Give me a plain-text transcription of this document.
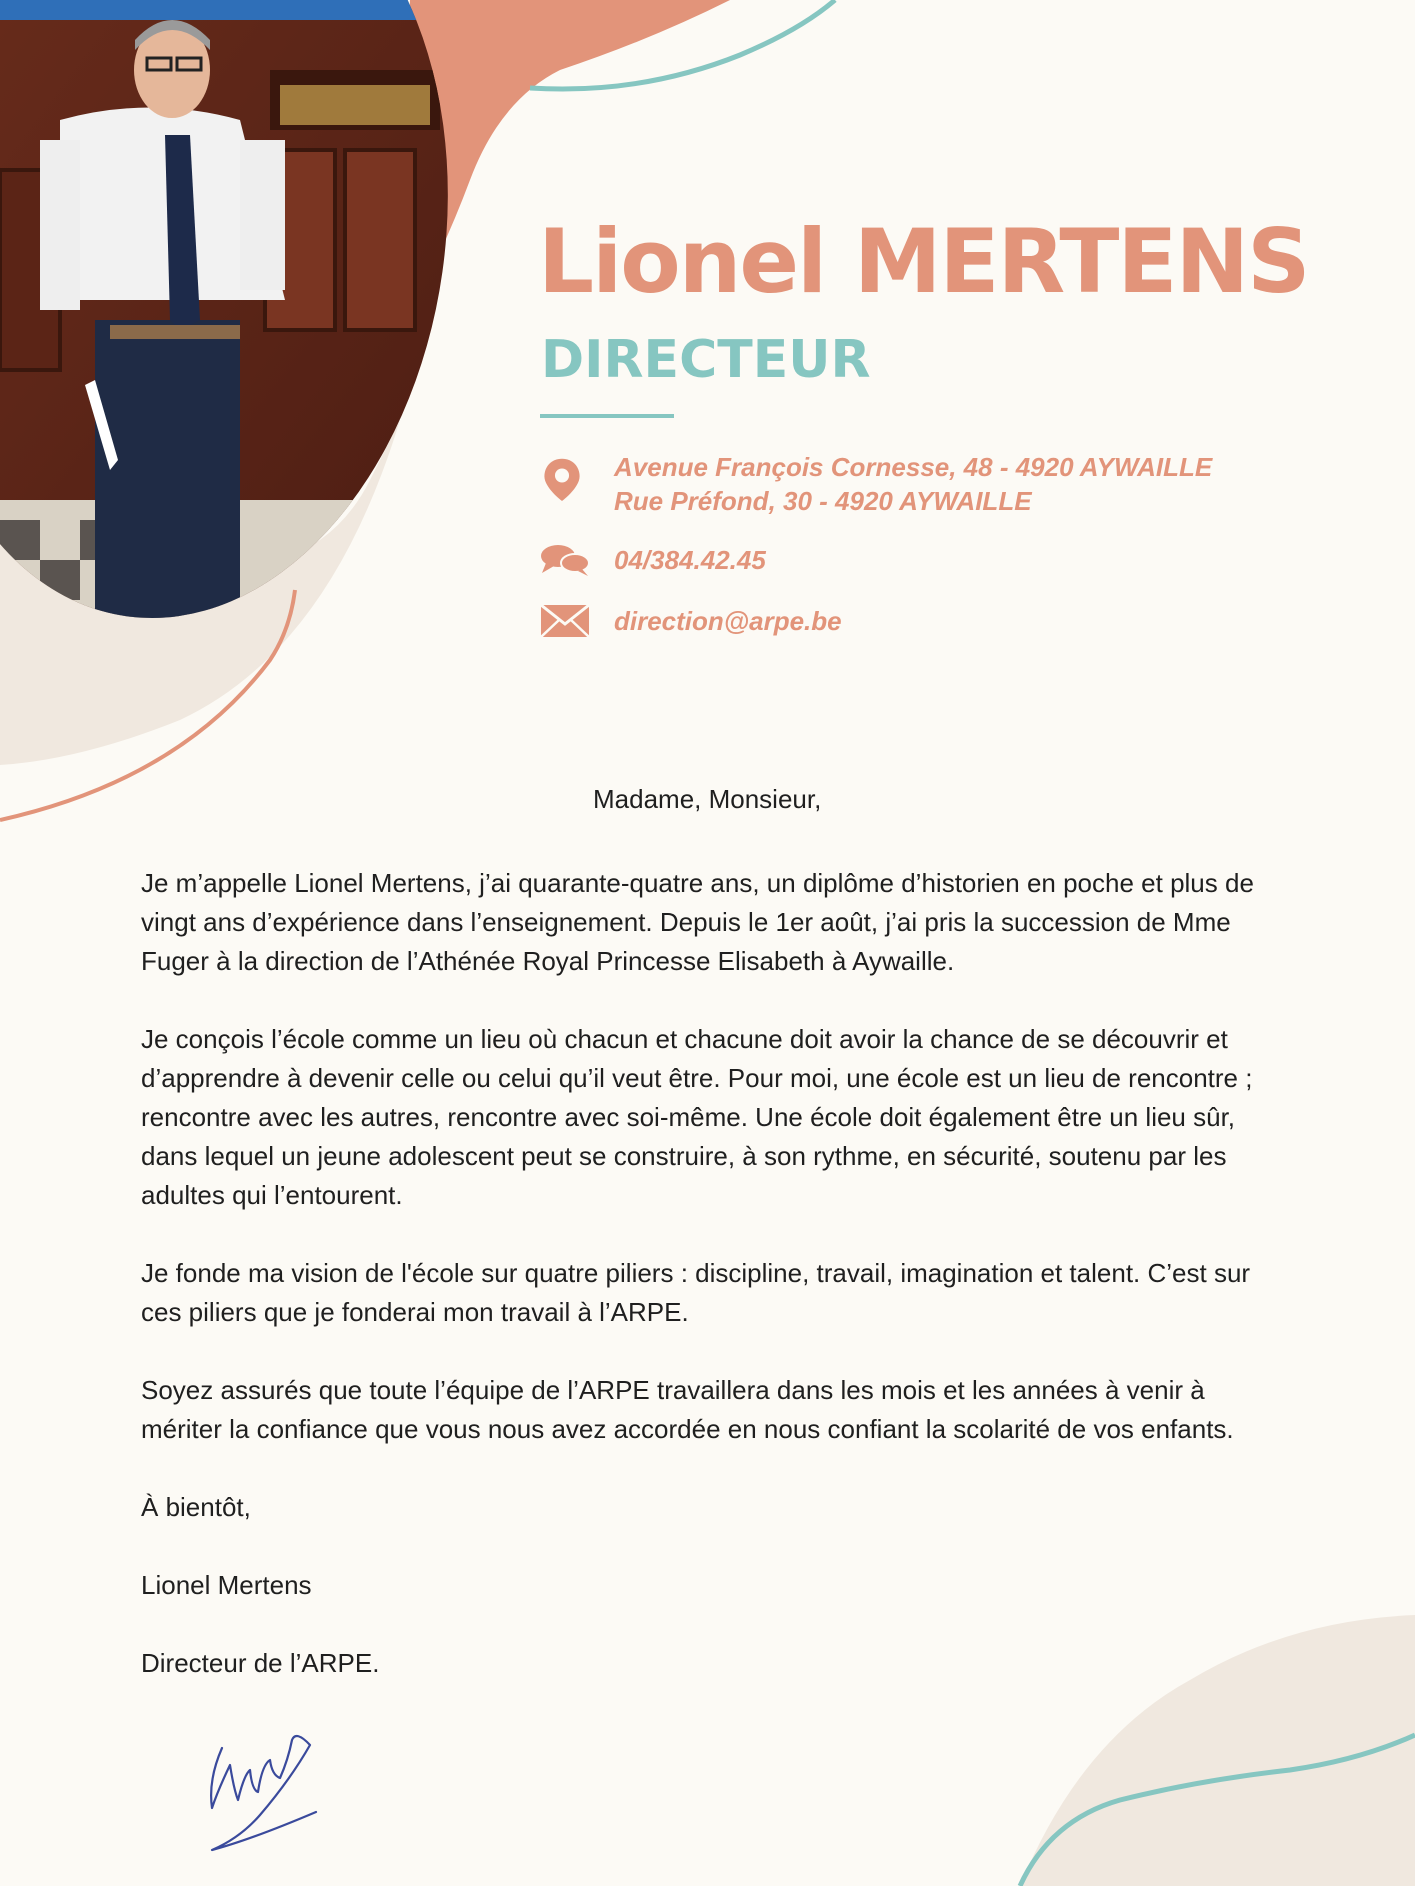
Lionel MERTENS
DIRECTEUR
Avenue François Cornesse, 48 - 4920 AYWAILLE
Rue Préfond, 30 - 4920 AYWAILLE
04/384.42.45
direction@arpe.be

Madame, Monsieur,

Je m’appelle Lionel Mertens, j’ai quarante-quatre ans, un diplôme d’historien en poche et plus de vingt ans d’expérience dans l’enseignement. Depuis le 1er août, j’ai pris la succession de Mme Fuger à la direction de l’Athénée Royal Princesse Elisabeth à Aywaille.

Je conçois l’école comme un lieu où chacun et chacune doit avoir la chance de se découvrir et d’apprendre à devenir celle ou celui qu’il veut être. Pour moi, une école est un lieu de rencontre ; rencontre avec les autres, rencontre avec soi-même. Une école doit également être un lieu sûr, dans lequel un jeune adolescent peut se construire, à son rythme, en sécurité, soutenu par les adultes qui l’entourent.

Je fonde ma vision de l'école sur quatre piliers : discipline, travail, imagination et talent. C’est sur ces piliers que je fonderai mon travail à l’ARPE.

Soyez assurés que toute l’équipe de l’ARPE travaillera dans les mois et les années à venir à mériter la confiance que vous nous avez accordée en nous confiant la scolarité de vos enfants.

À bientôt,

Lionel Mertens

Directeur de l’ARPE.
